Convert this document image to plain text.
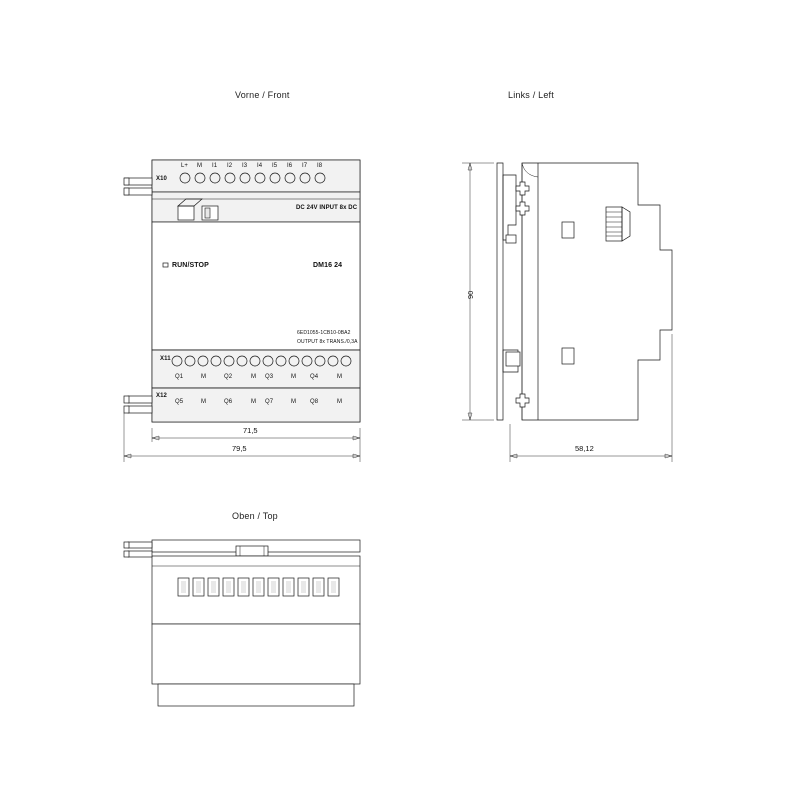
Vorne / Front	Links / Left
Oben / Top
X10
X11
X12
L+ M I1 I2 I3 I4 I5 I6 I7 I8
DC 24V INPUT 8x DC
RUN/STOP	DM16 24
6ED1055-1CB10-0BA2
OUTPUT 8x TRANS./0,3A
Q1	M	Q2	M Q3	M Q4	M
Q5	M	Q6	M Q7	M Q8	M
71,5
79,5
90
58,12
